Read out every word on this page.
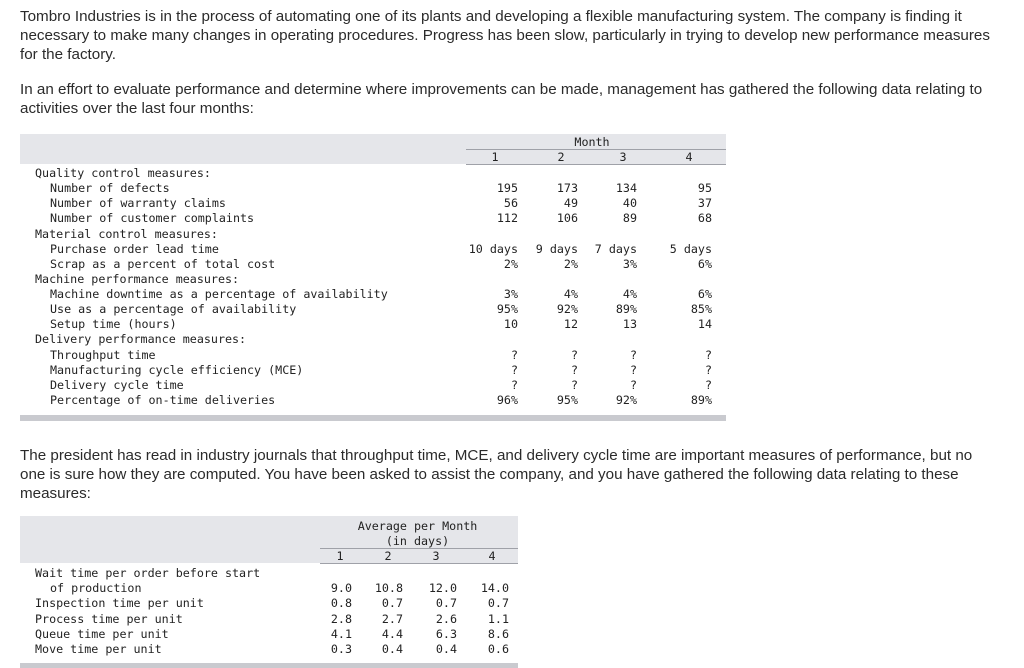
Tombro Industries is in the process of automating one of its plants and developing a flexible manufacturing system. The company is finding it necessary to make many changes in operating procedures. Progress has been slow, particularly in trying to develop new performance measures for the factory.

In an effort to evaluate performance and determine where improvements can be made, management has gathered the following data relating to activities over the last four months:

Month
1	2	3	4
Quality control measures:
Number of defects	195	173	134	95
Number of warranty claims	56	49	40	37
Number of customer complaints	112	106	89	68
Material control measures:
Purchase order lead time	10 days	9 days	7 days	5 days
Scrap as a percent of total cost	2%	2%	3%	6%
Machine performance measures:
Machine downtime as a percentage of availability	3%	4%	4%	6%
Use as a percentage of availability	95%	92%	89%	85%
Setup time (hours)	10	12	13	14
Delivery performance measures:
Throughput time	?	?	?	?
Manufacturing cycle efficiency (MCE)	?	?	?	?
Delivery cycle time	?	?	?	?
Percentage of on-time deliveries	96%	95%	92%	89%

The president has read in industry journals that throughput time, MCE, and delivery cycle time are important measures of performance, but no one is sure how they are computed. You have been asked to assist the company, and you have gathered the following data relating to these measures:

Average per Month
(in days)
1	2	3	4
Wait time per order before start
of production	9.0	10.8	12.0	14.0
Inspection time per unit	0.8	0.7	0.7	0.7
Process time per unit	2.8	2.7	2.6	1.1
Queue time per unit	4.1	4.4	6.3	8.6
Move time per unit	0.3	0.4	0.4	0.6
